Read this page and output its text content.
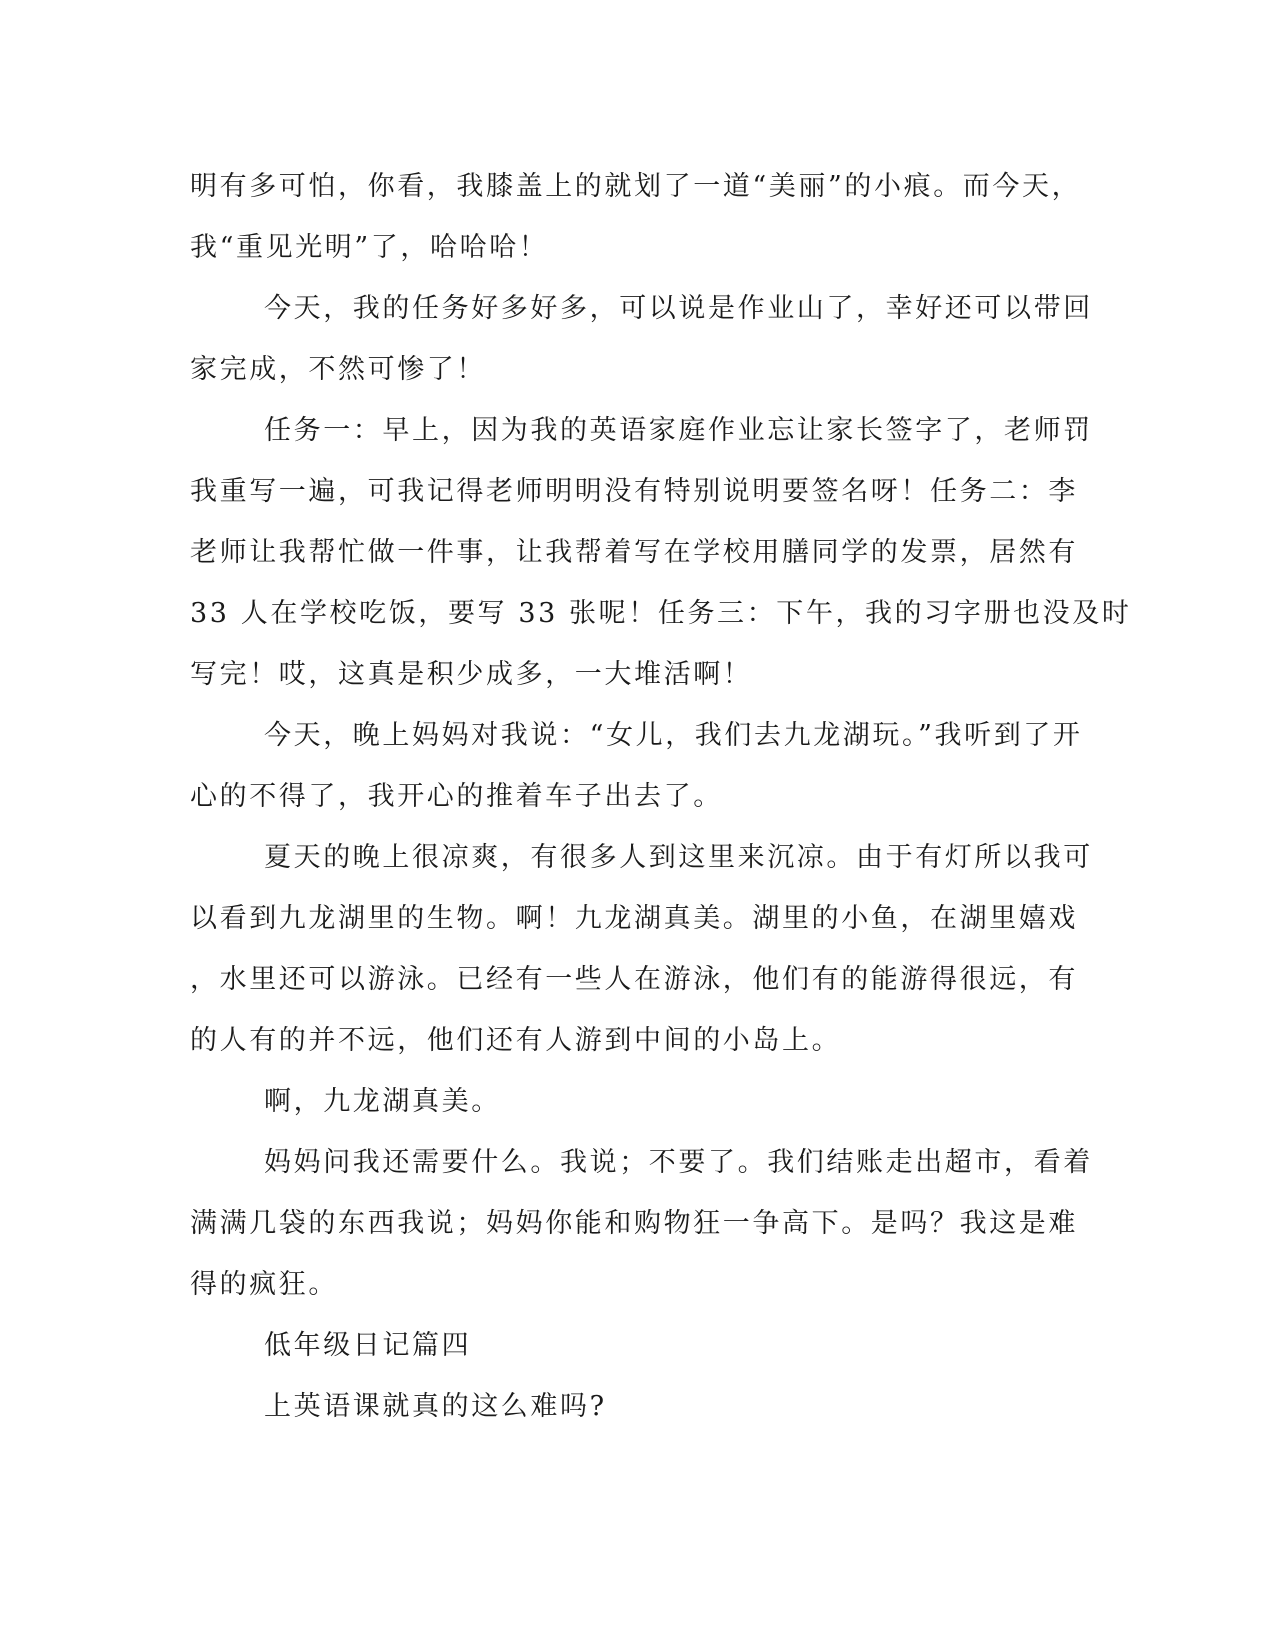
明有多可怕，你看，我膝盖上的就划了一道“美丽”的小痕。而今天，
我“重见光明”了，哈哈哈！

今天，我的任务好多好多，可以说是作业山了，幸好还可以带回
家完成，不然可惨了！

任务一：早上，因为我的英语家庭作业忘让家长签字了，老师罚
我重写一遍，可我记得老师明明没有特别说明要签名呀！任务二：李
老师让我帮忙做一件事，让我帮着写在学校用膳同学的发票，居然有
33 人在学校吃饭，要写 33 张呢！任务三：下午，我的习字册也没及时
写完！哎，这真是积少成多，一大堆活啊！

今天，晚上妈妈对我说：“女儿，我们去九龙湖玩。”我听到了开
心的不得了，我开心的推着车子出去了。

夏天的晚上很凉爽，有很多人到这里来沉凉。由于有灯所以我可
以看到九龙湖里的生物。啊！九龙湖真美。湖里的小鱼，在湖里嬉戏
，水里还可以游泳。已经有一些人在游泳，他们有的能游得很远，有
的人有的并不远，他们还有人游到中间的小岛上。

啊，九龙湖真美。

妈妈问我还需要什么。我说；不要了。我们结账走出超市，看着
满满几袋的东西我说；妈妈你能和购物狂一争高下。是吗？我这是难
得的疯狂。

低年级日记篇四

上英语课就真的这么难吗?
